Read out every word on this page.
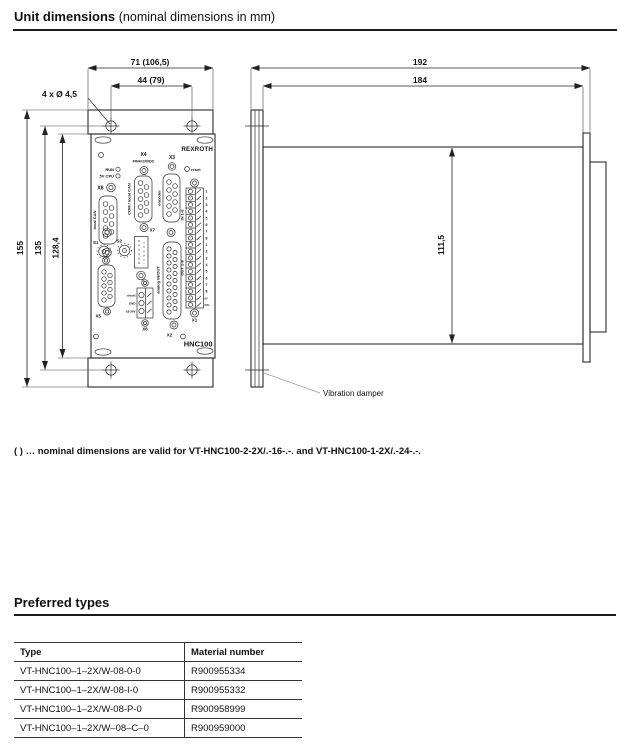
Unit dimensions (nominal dimensions in mm)
71 (106,5)
44 (79)
4 x Ø 4,5
155 135 128,4
REXROTH
HNC100
RUN
5V CPU
reset
X8
local CAN
X4
PIN4=24VDC
COM / local CAN
X3
encoder
S1	S2
X7
X5
shield
GND
18-36V
X6
analog IN/OUT
X2
IN 1-8
OUT 1-8
1
2
3
4
5
6
7
8
1
2
3
4
5
6
7
8
0V
24V
X1
192
184
111,5
Vibration damper
( ) … nominal dimensions are valid for VT-HNC100-2-2X/.-16-.-. and VT-HNC100-1-2X/.-24-.-.
Preferred types
Type	Material number
VT-HNC100–1–2X/W-08-0-0	R900955334
VT-HNC100–1–2X/W-08-I-0	R900955332
VT-HNC100–1–2X/W-08-P-0	R900958999
VT-HNC100–1–2X/W–08–C–0	R900959000
